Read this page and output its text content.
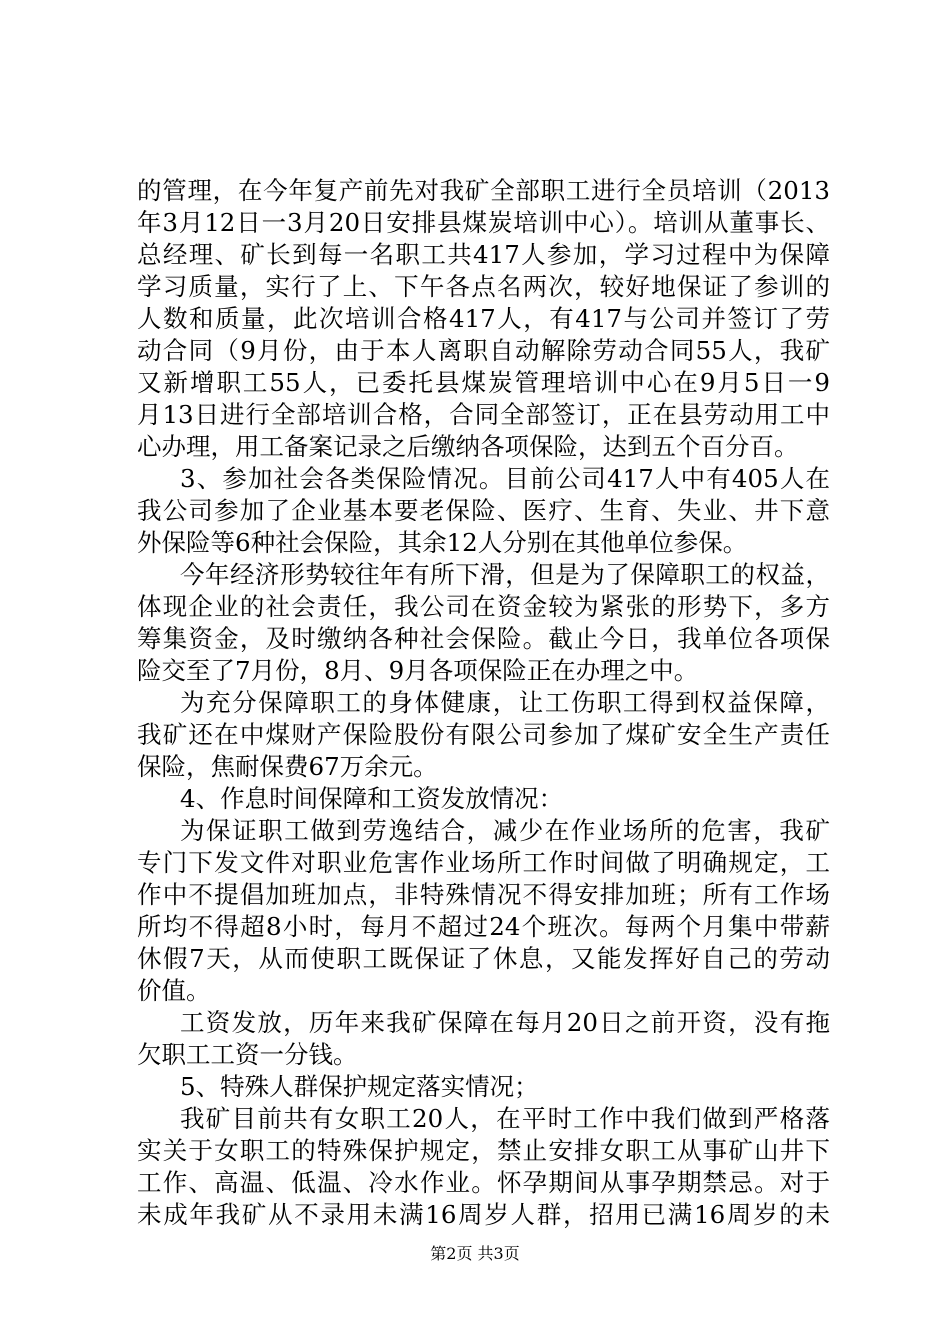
的管理，在今年复产前先对我矿全部职工进行全员培训（2013
年3月12日一3月20日安排县煤炭培训中心）。培训从董事长、
总经理、矿长到每一名职工共417人参加，学习过程中为保障
学习质量，实行了上、下午各点名两次，较好地保证了参训的
人数和质量，此次培训合格417人，有417与公司并签订了劳
动合同（9月份，由于本人离职自动解除劳动合同55人，我矿
又新增职工55人，已委托县煤炭管理培训中心在9月5日一9
月13日进行全部培训合格，合同全部签订，正在县劳动用工中
心办理，用工备案记录之后缴纳各项保险，达到五个百分百。
3、参加社会各类保险情况。目前公司417人中有405人在
我公司参加了企业基本要老保险、医疗、生育、失业、井下意
外保险等6种社会保险，其余12人分别在其他单位参保。
今年经济形势较往年有所下滑，但是为了保障职工的权益，
体现企业的社会责任，我公司在资金较为紧张的形势下，多方
筹集资金，及时缴纳各种社会保险。截止今日，我单位各项保
险交至了7月份，8月、9月各项保险正在办理之中。
为充分保障职工的身体健康，让工伤职工得到权益保障，
我矿还在中煤财产保险股份有限公司参加了煤矿安全生产责任
保险，焦耐保费67万余元。
4、作息时间保障和工资发放情况：
为保证职工做到劳逸结合，减少在作业场所的危害，我矿
专门下发文件对职业危害作业场所工作时间做了明确规定，工
作中不提倡加班加点，非特殊情况不得安排加班；所有工作场
所均不得超8小时，每月不超过24个班次。每两个月集中带薪
休假7天，从而使职工既保证了休息，又能发挥好自己的劳动
价值。
工资发放，历年来我矿保障在每月20日之前开资，没有拖
欠职工工资一分钱。
5、特殊人群保护规定落实情况；
我矿目前共有女职工20人，在平时工作中我们做到严格落
实关于女职工的特殊保护规定，禁止安排女职工从事矿山井下
工作、高温、低温、冷水作业。怀孕期间从事孕期禁忌。对于
未成年我矿从不录用未满16周岁人群，招用已满16周岁的未
第2页 共3页
